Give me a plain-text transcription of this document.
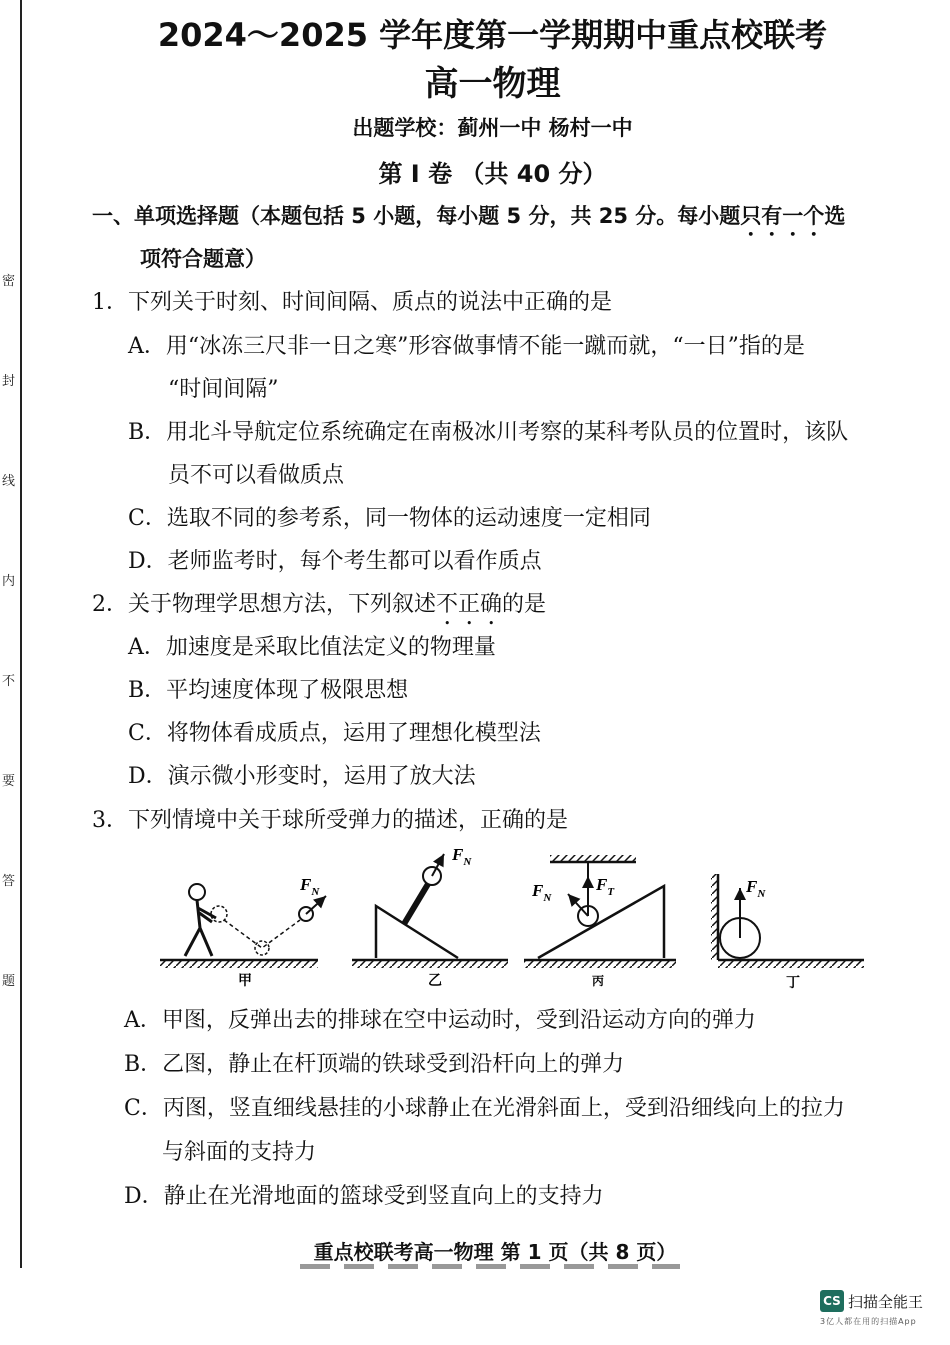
密
封
线
内
不
要
答
题
2024～2025 学年度第一学期期中重点校联考
高一物理
出题学校：蓟州一中 杨村一中
第 Ⅰ 卷 （共 40 分）
一、单项选择题（本题包括 5 小题，每小题 5 分，共 25 分。每小题只有一个选
项符合题意）
1．下列关于时刻、时间间隔、质点的说法中正确的是
A．用“冰冻三尺非一日之寒”形容做事情不能一蹴而就，“一日”指的是
“时间间隔”
B．用北斗导航定位系统确定在南极冰川考察的某科考队员的位置时，该队
员不可以看做质点
C．选取不同的参考系，同一物体的运动速度一定相同
D．老师监考时，每个考生都可以看作质点
2．关于物理学思想方法，下列叙述不正确的是
A．加速度是采取比值法定义的物理量
B．平均速度体现了极限思想
C．将物体看成质点，运用了理想化模型法
D．演示微小形变时，运用了放大法
3．下列情境中关于球所受弹力的描述，正确的是
$F_N$
甲
$F_N$
乙
$F_T$
$F_N$
丙
$F_N$
丁
A．甲图，反弹出去的排球在空中运动时，受到沿运动方向的弹力
B．乙图，静止在杆顶端的铁球受到沿杆向上的弹力
C．丙图，竖直细线悬挂的小球静止在光滑斜面上，受到沿细线向上的拉力
与斜面的支持力
D．静止在光滑地面的篮球受到竖直向上的支持力
重点校联考高一物理 第 1 页（共 8 页）
CS 扫描全能王
3亿人都在用的扫描App
